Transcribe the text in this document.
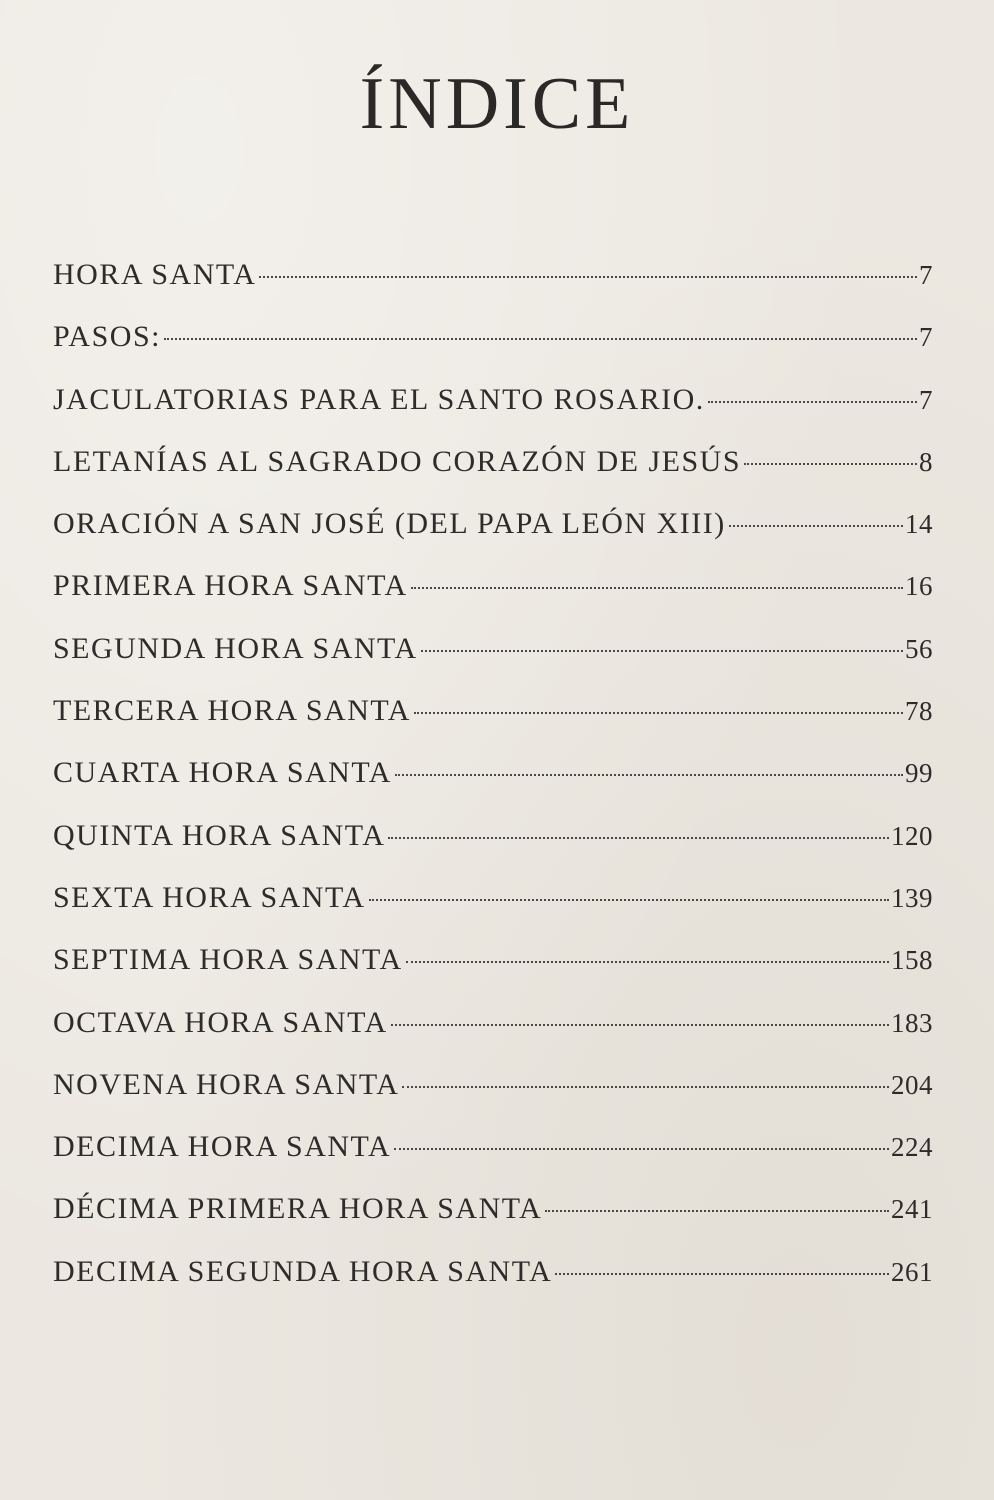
ÍNDICE
HORA SANTA	7
PASOS:	7
JACULATORIAS PARA EL SANTO ROSARIO.	7
LETANÍAS AL SAGRADO CORAZÓN DE JESÚS	8
ORACIÓN A SAN JOSÉ (DEL PAPA LEÓN XIII)	14
PRIMERA HORA SANTA	16
SEGUNDA HORA SANTA	56
TERCERA HORA SANTA	78
CUARTA HORA SANTA	99
QUINTA HORA SANTA	120
SEXTA HORA SANTA	139
SEPTIMA HORA SANTA	158
OCTAVA HORA SANTA	183
NOVENA HORA SANTA	204
DECIMA HORA SANTA	224
DÉCIMA PRIMERA HORA SANTA	241
DECIMA SEGUNDA HORA SANTA	261
